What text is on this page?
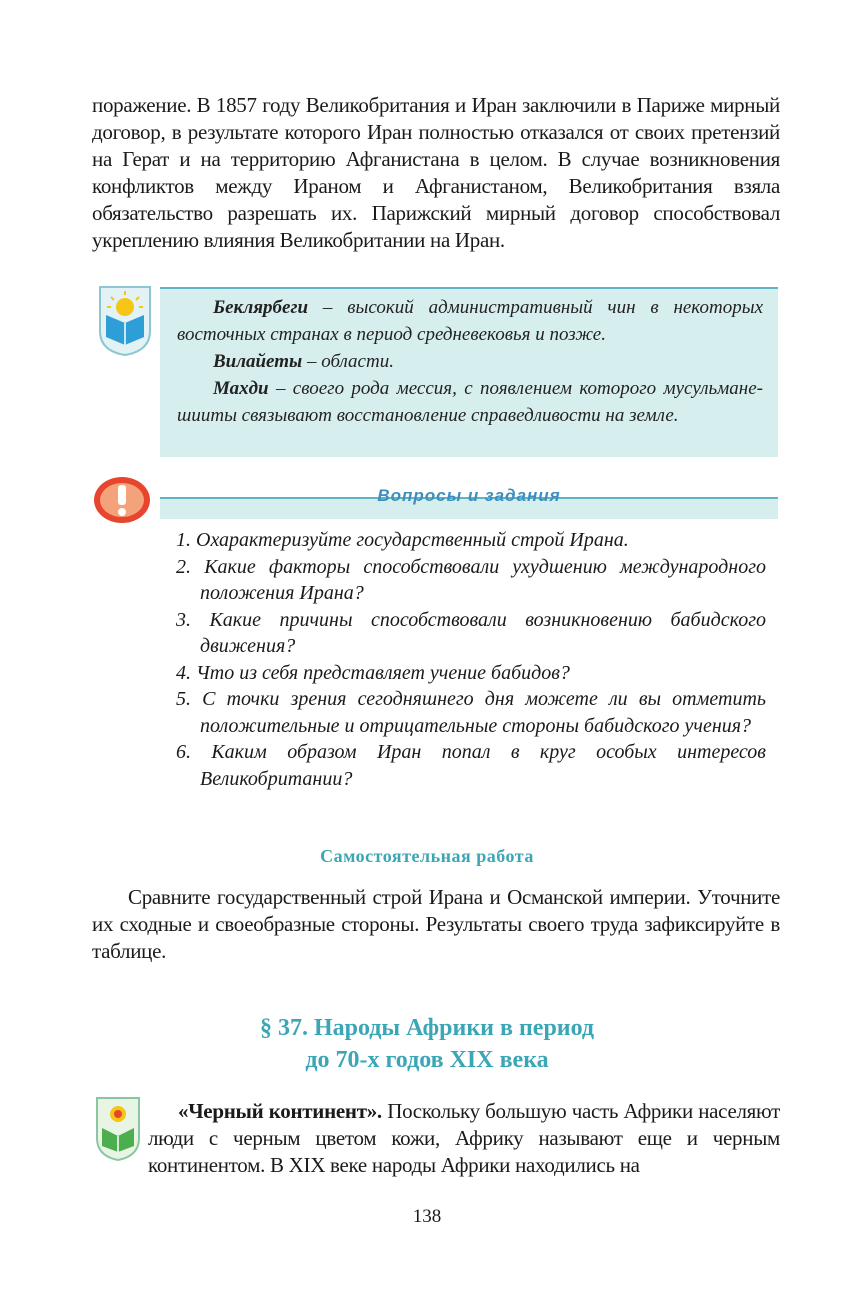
поражение. В 1857 году Великобритания и Иран заключили в Париже мирный договор, в результате которого Иран полностью отказался от своих претензий на Герат и на территорию Афганистана в целом. В случае возникновения конфликтов между Ираном и Афганистаном, Великобритания взяла обязательство разрешать их. Парижский мирный договор способствовал укреплению влияния Великобритании на Иран.

Беклярбеги – высокий административный чин в некоторых восточных странах в период средневековья и позже.

Вилайеты – области.

Махди – своего рода мессия, с появлением которого мусульмане-шииты связывают восстановление справедливости на земле.

Вопросы и задания
1. Охарактеризуйте государственный строй Ирана.
2. Какие факторы способствовали ухудшению международного положения Ирана?
3. Какие причины способствовали возникновению бабидского движения?
4. Что из себя представляет учение бабидов?
5. С точки зрения сегодняшнего дня можете ли вы отметить положительные и отрицательные стороны бабидского учения?
6. Каким образом Иран попал в круг особых интересов Великобритании?
Самостоятельная работа

Сравните государственный строй Ирана и Османской империи. Уточните их сходные и своеобразные стороны. Результаты своего труда зафиксируйте в таблице.

§ 37. Народы Африки в период
до 70-х годов XIX века

«Черный континент». Поскольку большую часть Африки населяют люди с черным цветом кожи, Африку называют еще и черным континентом. В XIX веке народы Африки находились на

138
